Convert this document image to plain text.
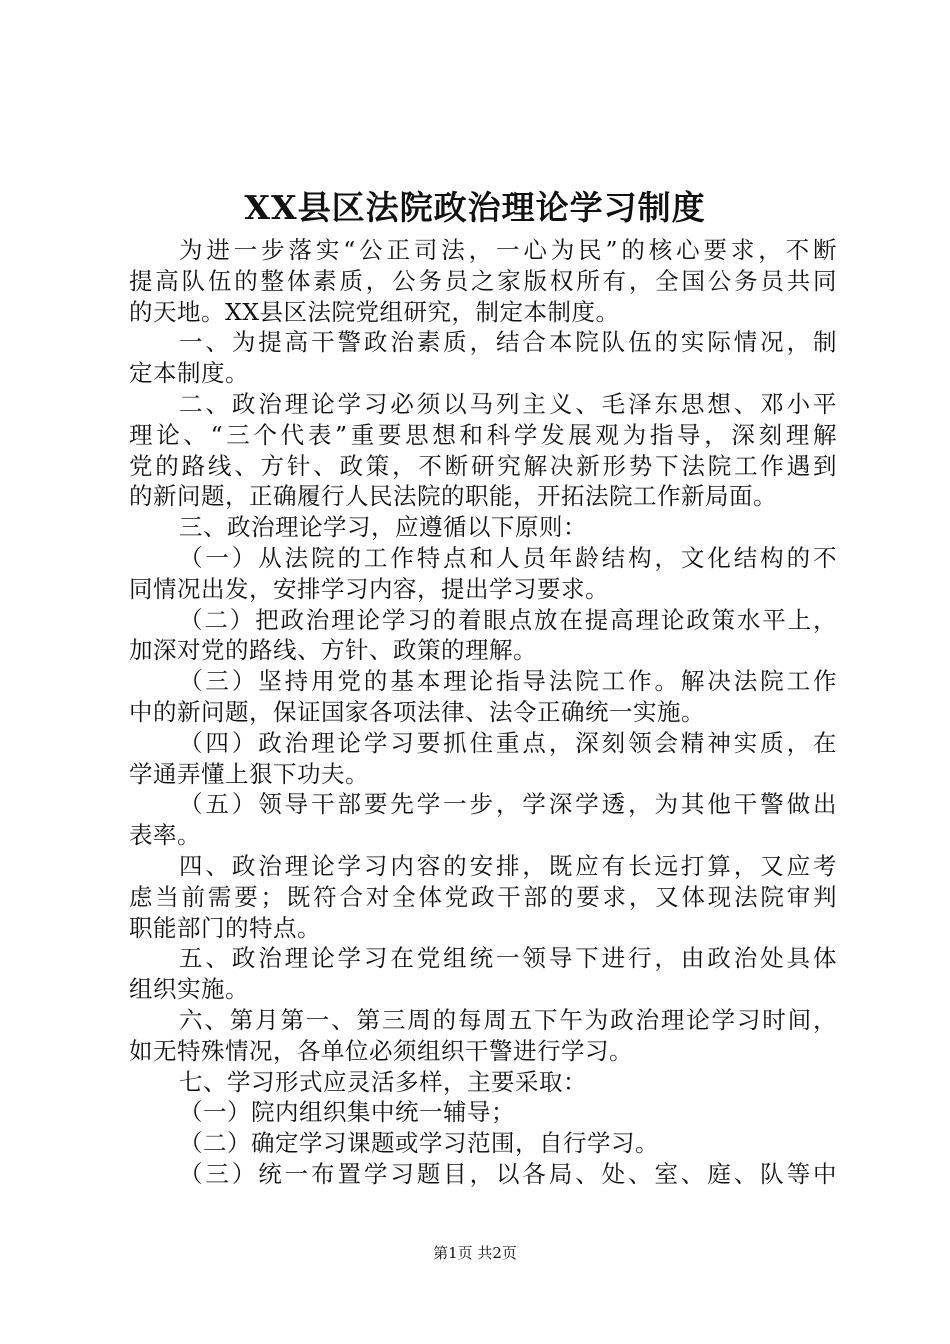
XX县区法院政治理论学习制度
为进一步落实“公正司法，一心为民”的核心要求，不断
提高队伍的整体素质，公务员之家版权所有，全国公务员共同
的天地。XX县区法院党组研究，制定本制度。
一、为提高干警政治素质，结合本院队伍的实际情况，制
定本制度。
二、政治理论学习必须以马列主义、毛泽东思想、邓小平
理论、“三个代表”重要思想和科学发展观为指导，深刻理解
党的路线、方针、政策，不断研究解决新形势下法院工作遇到
的新问题，正确履行人民法院的职能，开拓法院工作新局面。
三、政治理论学习，应遵循以下原则：
（一）从法院的工作特点和人员年龄结构，文化结构的不
同情况出发，安排学习内容，提出学习要求。
（二）把政治理论学习的着眼点放在提高理论政策水平上，
加深对党的路线、方针、政策的理解。
（三）坚持用党的基本理论指导法院工作。解决法院工作
中的新问题，保证国家各项法律、法令正确统一实施。
（四）政治理论学习要抓住重点，深刻领会精神实质，在
学通弄懂上狠下功夫。
（五）领导干部要先学一步，学深学透，为其他干警做出
表率。
四、政治理论学习内容的安排，既应有长远打算，又应考
虑当前需要；既符合对全体党政干部的要求，又体现法院审判
职能部门的特点。
五、政治理论学习在党组统一领导下进行，由政治处具体
组织实施。
六、第月第一、第三周的每周五下午为政治理论学习时间，
如无特殊情况，各单位必须组织干警进行学习。
七、学习形式应灵活多样，主要采取：
（一）院内组织集中统一辅导；
（二）确定学习课题或学习范围，自行学习。
（三）统一布置学习题目，以各局、处、室、庭、队等中
第1页 共2页
